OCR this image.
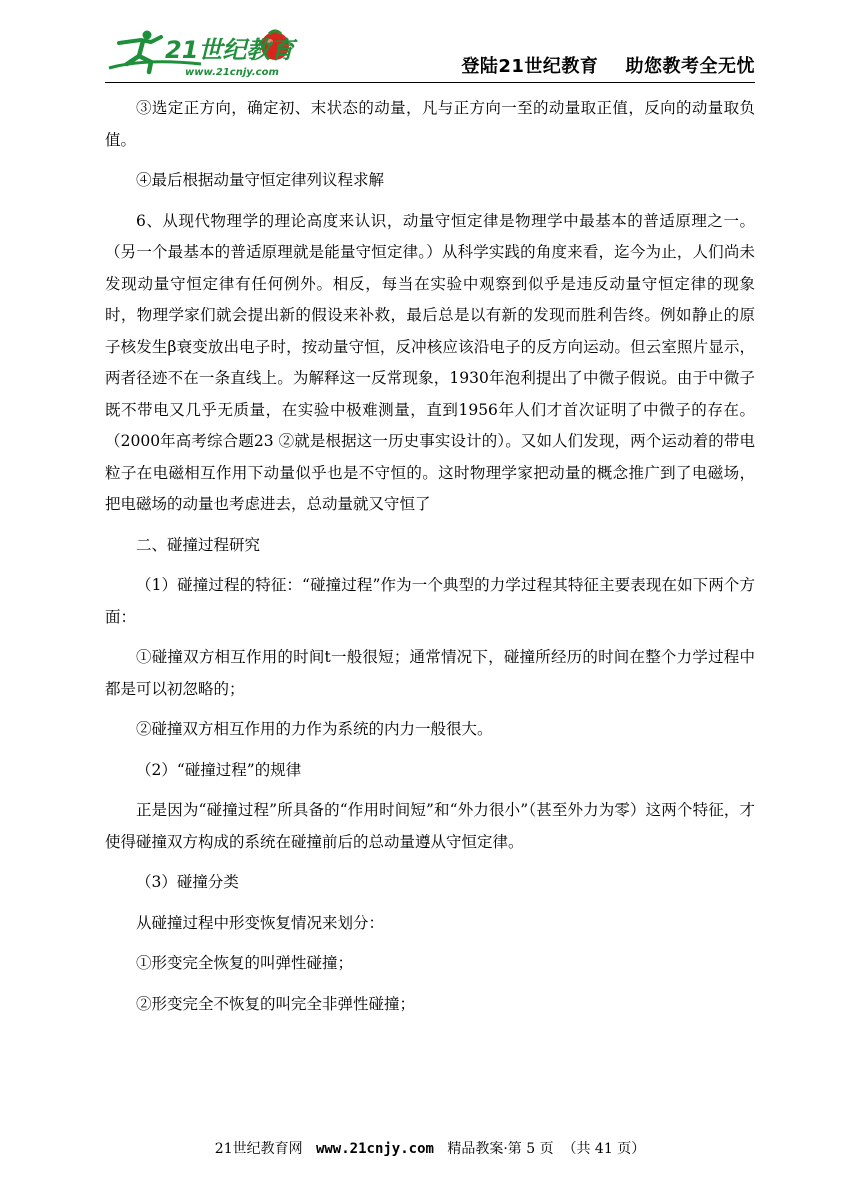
21世纪教育
www.21cnjy.com	登陆21世纪教育    助您教考全无忧

③选定正方向，确定初、末状态的动量，凡与正方向一至的动量取正值，反向的动量取负值。

④最后根据动量守恒定律列议程求解

6、从现代物理学的理论高度来认识，动量守恒定律是物理学中最基本的普适原理之一。（另一个最基本的普适原理就是能量守恒定律。）从科学实践的角度来看，迄今为止，人们尚未发现动量守恒定律有任何例外。相反，每当在实验中观察到似乎是违反动量守恒定律的现象时，物理学家们就会提出新的假设来补救，最后总是以有新的发现而胜利告终。例如静止的原子核发生β衰变放出电子时，按动量守恒，反冲核应该沿电子的反方向运动。但云室照片显示，两者径迹不在一条直线上。为解释这一反常现象，1930年泡利提出了中微子假说。由于中微子既不带电又几乎无质量，在实验中极难测量，直到1956年人们才首次证明了中微子的存在。（2000年高考综合题23 ②就是根据这一历史事实设计的）。又如人们发现，两个运动着的带电粒子在电磁相互作用下动量似乎也是不守恒的。这时物理学家把动量的概念推广到了电磁场，把电磁场的动量也考虑进去，总动量就又守恒了

二、碰撞过程研究

（1）碰撞过程的特征：“碰撞过程”作为一个典型的力学过程其特征主要表现在如下两个方面：

①碰撞双方相互作用的时间t一般很短；通常情况下，碰撞所经历的时间在整个力学过程中都是可以初忽略的；

②碰撞双方相互作用的力作为系统的内力一般很大。

（2）“碰撞过程”的规律

正是因为“碰撞过程”所具备的“作用时间短”和“外力很小”（甚至外力为零）这两个特征，才使得碰撞双方构成的系统在碰撞前后的总动量遵从守恒定律。

（3）碰撞分类

从碰撞过程中形变恢复情况来划分：

①形变完全恢复的叫弹性碰撞；

②形变完全不恢复的叫完全非弹性碰撞；

21世纪教育网   www.21cnjy.com   精品教案·第 5 页  （共 41 页）
